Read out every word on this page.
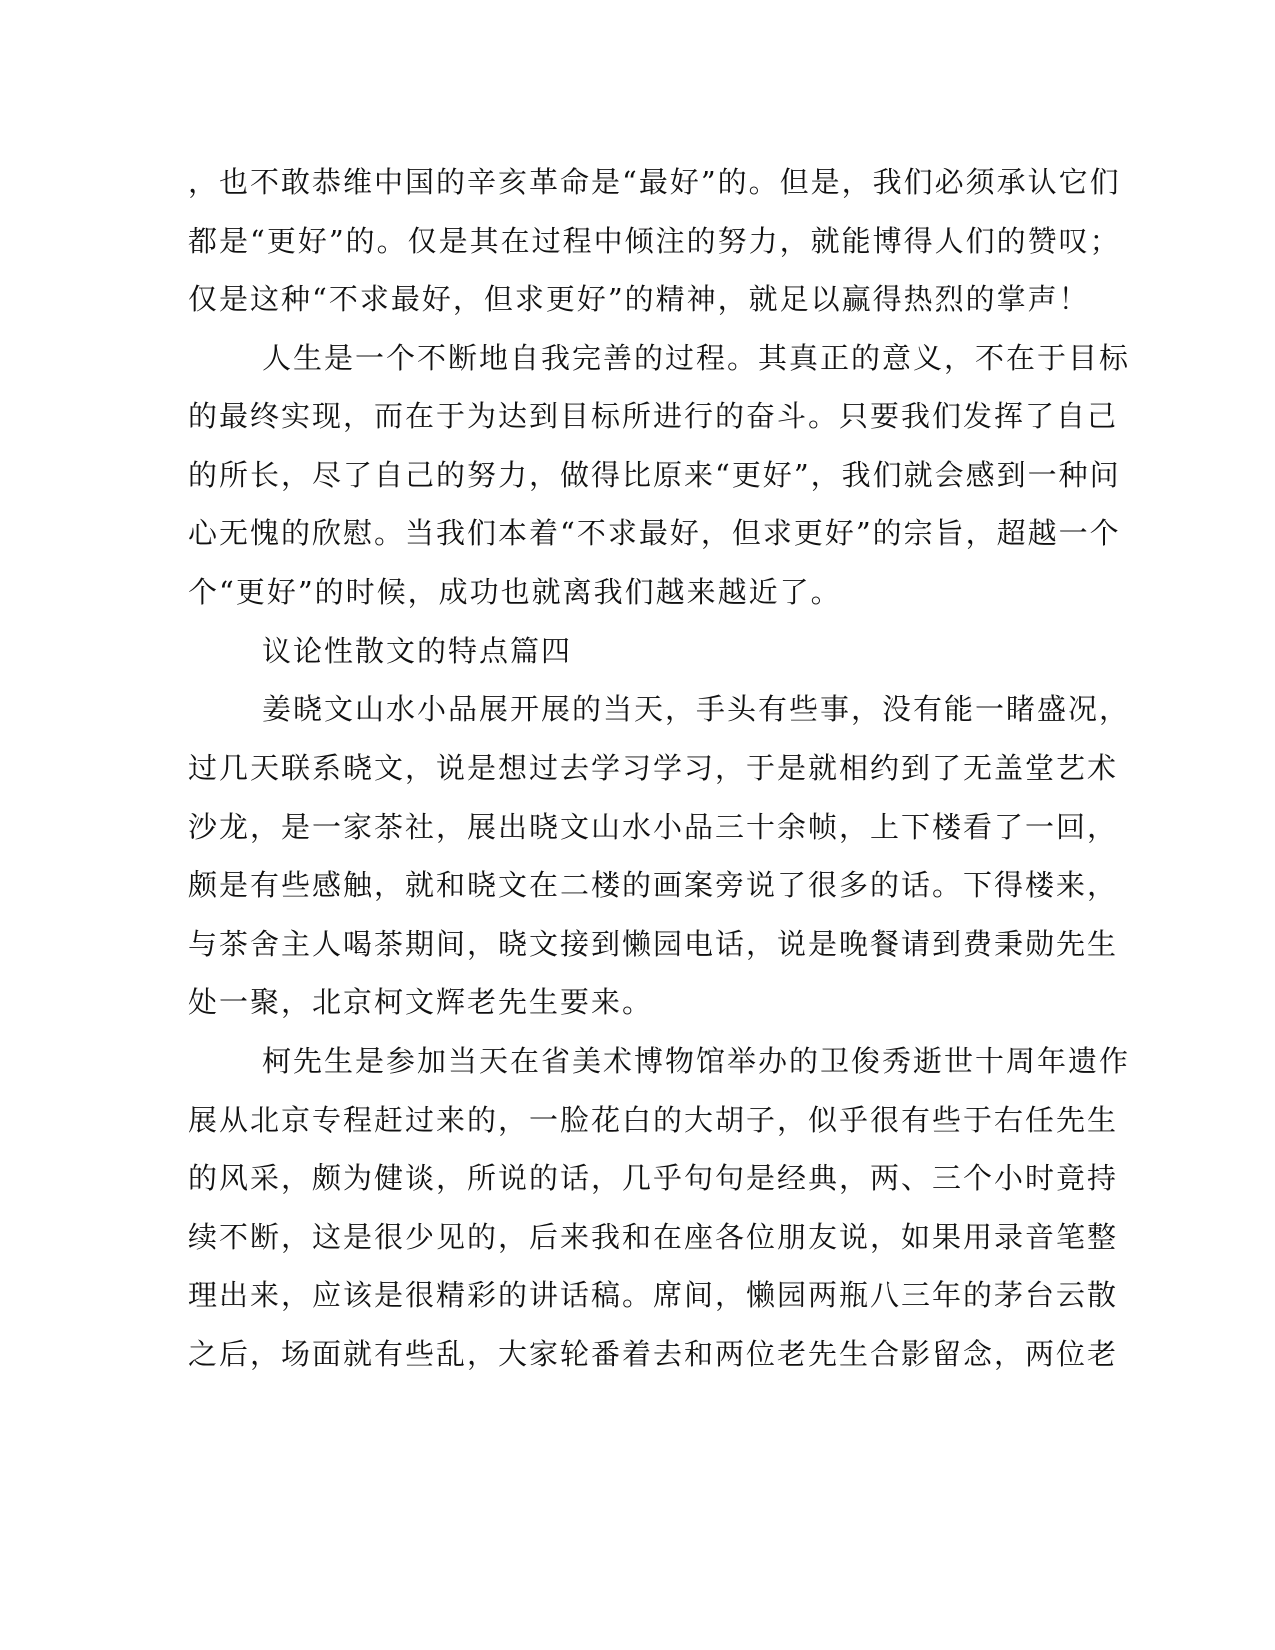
，也不敢恭维中国的辛亥革命是“最好”的。但是，我们必须承认它们
都是“更好”的。仅是其在过程中倾注的努力，就能博得人们的赞叹；
仅是这种“不求最好，但求更好”的精神，就足以赢得热烈的掌声！
人生是一个不断地自我完善的过程。其真正的意义，不在于目标
的最终实现，而在于为达到目标所进行的奋斗。只要我们发挥了自己
的所长，尽了自己的努力，做得比原来“更好”，我们就会感到一种问
心无愧的欣慰。当我们本着“不求最好，但求更好”的宗旨，超越一个
个“更好”的时候，成功也就离我们越来越近了。
议论性散文的特点篇四
姜晓文山水小品展开展的当天，手头有些事，没有能一睹盛况，
过几天联系晓文，说是想过去学习学习，于是就相约到了无盖堂艺术
沙龙，是一家茶社，展出晓文山水小品三十余帧，上下楼看了一回，
颇是有些感触，就和晓文在二楼的画案旁说了很多的话。下得楼来，
与茶舍主人喝茶期间，晓文接到懒园电话，说是晚餐请到费秉勋先生
处一聚，北京柯文辉老先生要来。
柯先生是参加当天在省美术博物馆举办的卫俊秀逝世十周年遗作
展从北京专程赶过来的，一脸花白的大胡子，似乎很有些于右任先生
的风采，颇为健谈，所说的话，几乎句句是经典，两、三个小时竟持
续不断，这是很少见的，后来我和在座各位朋友说，如果用录音笔整
理出来，应该是很精彩的讲话稿。席间，懒园两瓶八三年的茅台云散
之后，场面就有些乱，大家轮番着去和两位老先生合影留念，两位老
